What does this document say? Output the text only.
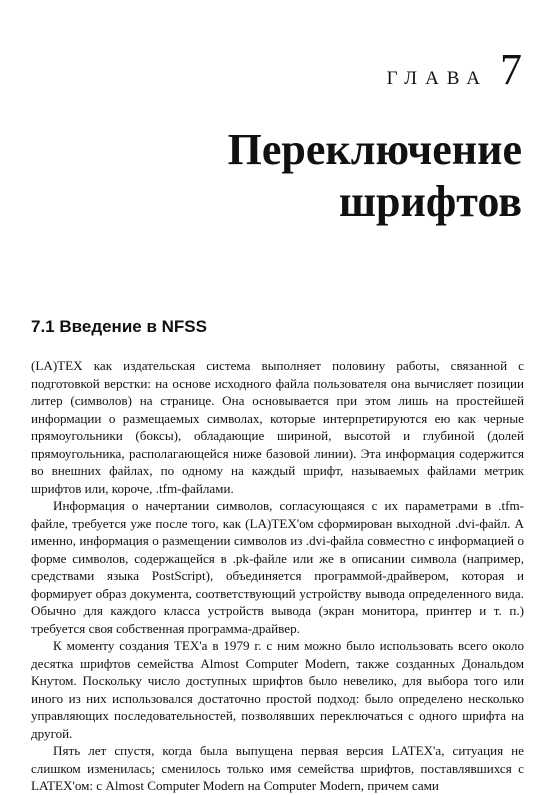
ГЛАВА 7
Переключение
шрифтов
7.1 Введение в NFSS

(LA)TEX как издательская система выполняет половину работы, связанной с подготовкой верстки: на основе исходного файла пользователя она вычисляет позиции литер (символов) на странице. Она основывается при этом лишь на простейшей информации о размещаемых символах, которые интерпретируются ею как черные прямоугольники (боксы), обладающие шириной, высотой и глубиной (долей прямоугольника, располагающейся ниже базовой линии). Эта информация содержится во внешних файлах, по одному на каждый шрифт, называемых файлами метрик шрифтов или, короче, .tfm-файлами.

Информация о начертании символов, согласующаяся с их параметрами в .tfm-файле, требуется уже после того, как (LA)TEX'ом сформирован выходной .dvi-файл. А именно, информация о размещении символов из .dvi-файла совместно с информацией о форме символов, содержащейся в .pk-файле или же в описании символа (например, средствами языка PostScript), объединяется программой-драйвером, которая и формирует образ документа, соответствующий устройству вывода определенного вида. Обычно для каждого класса устройств вывода (экран монитора, принтер и т. п.) требуется своя собственная программа-драйвер.

К моменту создания TEX'а в 1979 г. с ним можно было использовать всего около десятка шрифтов семейства Almost Computer Modern, также созданных Дональдом Кнутом. Поскольку число доступных шрифтов было невелико, для выбора того или иного из них использовался достаточно простой подход: было определено несколько управляющих последовательностей, позволявших переключаться с одного шрифта на другой.

Пять лет спустя, когда была выпущена первая версия LATEX'а, ситуация не слишком изменилась; сменилось только имя семейства шрифтов, поставлявшихся с LATEX'ом: с Almost Computer Modern на Computer Modern, причем сами
